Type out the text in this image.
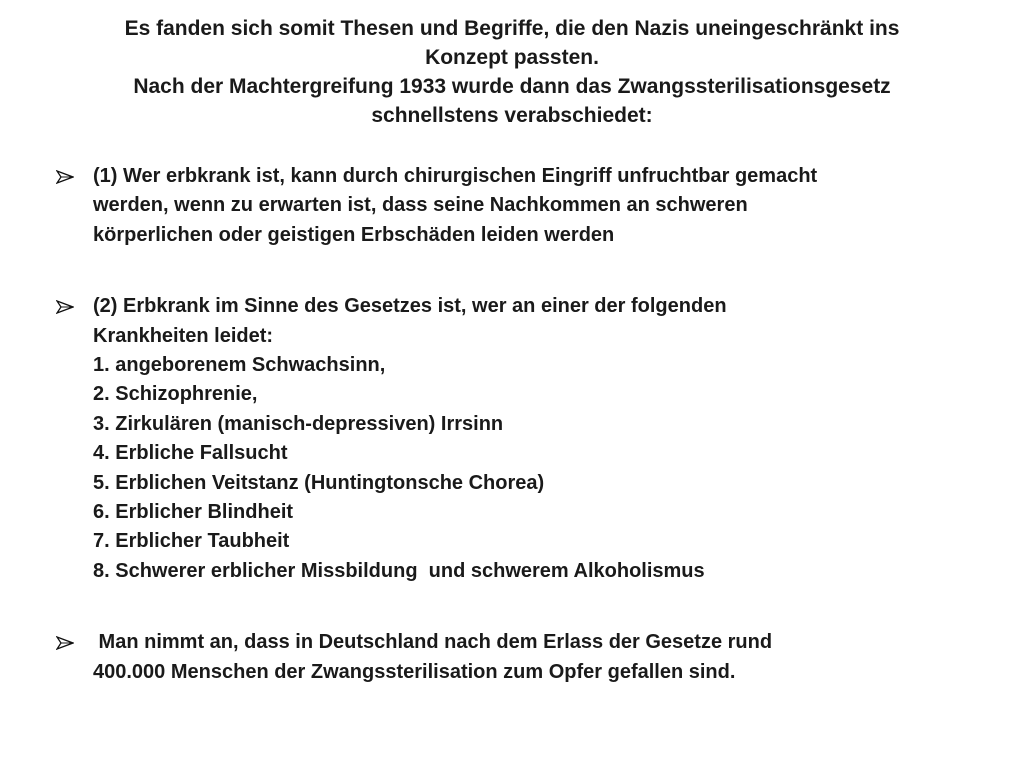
Es fanden sich somit Thesen und Begriffe, die den Nazis uneingeschränkt ins
Konzept passten.
Nach der Machtergreifung 1933 wurde dann das Zwangssterilisationsgesetz
schnellstens verabschiedet:
(1) Wer erbkrank ist, kann durch chirurgischen Eingriff unfruchtbar gemacht
werden, wenn zu erwarten ist, dass seine Nachkommen an schweren
körperlichen oder geistigen Erbschäden leiden werden
(2) Erbkrank im Sinne des Gesetzes ist, wer an einer der folgenden
Krankheiten leidet:
1. angeborenem Schwachsinn,
2. Schizophrenie,
3. Zirkulären (manisch-depressiven) Irrsinn
4. Erbliche Fallsucht
5. Erblichen Veitstanz (Huntingtonsche Chorea)
6. Erblicher Blindheit
7. Erblicher Taubheit
8. Schwerer erblicher Missbildung  und schwerem Alkoholismus
Man nimmt an, dass in Deutschland nach dem Erlass der Gesetze rund
400.000 Menschen der Zwangssterilisation zum Opfer gefallen sind.
